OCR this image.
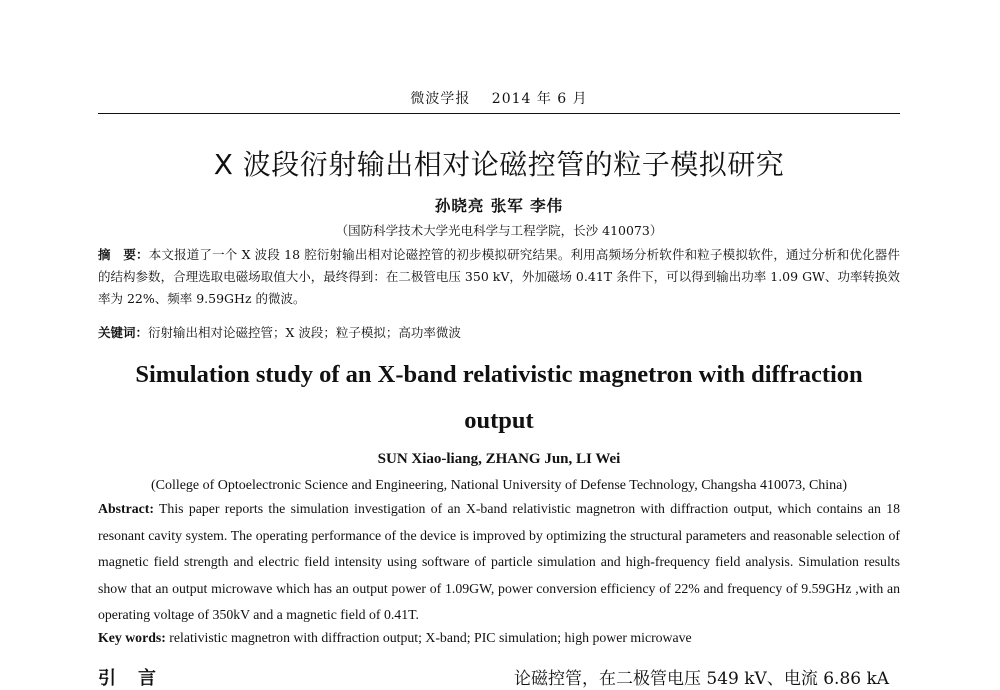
微波学报 2014 年 6 月
X 波段衍射输出相对论磁控管的粒子模拟研究
孙晓亮 张军 李伟
（国防科学技术大学光电科学与工程学院，长沙 410073）
摘　要：本文报道了一个 X 波段 18 腔衍射输出相对论磁控管的初步模拟研究结果。利用高频场分析软件和粒子模拟软件，通过分析和优化器件的结构参数，合理选取电磁场取值大小，最终得到：在二极管电压 350 kV，外加磁场 0.41T 条件下，可以得到输出功率 1.09 GW、功率转换效率为 22%、频率 9.59GHz 的微波。
关键词：衍射输出相对论磁控管；X 波段；粒子模拟；高功率微波
Simulation study of an X-band relativistic magnetron with diffraction output
SUN Xiao-liang, ZHANG Jun, LI Wei
(College of Optoelectronic Science and Engineering, National University of Defense Technology, Changsha 410073, China)
Abstract: This paper reports the simulation investigation of an X-band relativistic magnetron with diffraction output, which contains an 18 resonant cavity system. The operating performance of the device is improved by optimizing the structural parameters and reasonable selection of magnetic field strength and electric field intensity using software of particle simulation and high-frequency field analysis. Simulation results show that an output microwave which has an output power of 1.09GW, power conversion efficiency of 22% and frequency of 9.59GHz ,with an operating voltage of 350kV and a magnetic field of 0.41T.
Key words: relativistic magnetron with diffraction output; X-band; PIC simulation; high power microwave
引言	论磁控管，在二极管电压 549 kV、电流 6.86 kA
